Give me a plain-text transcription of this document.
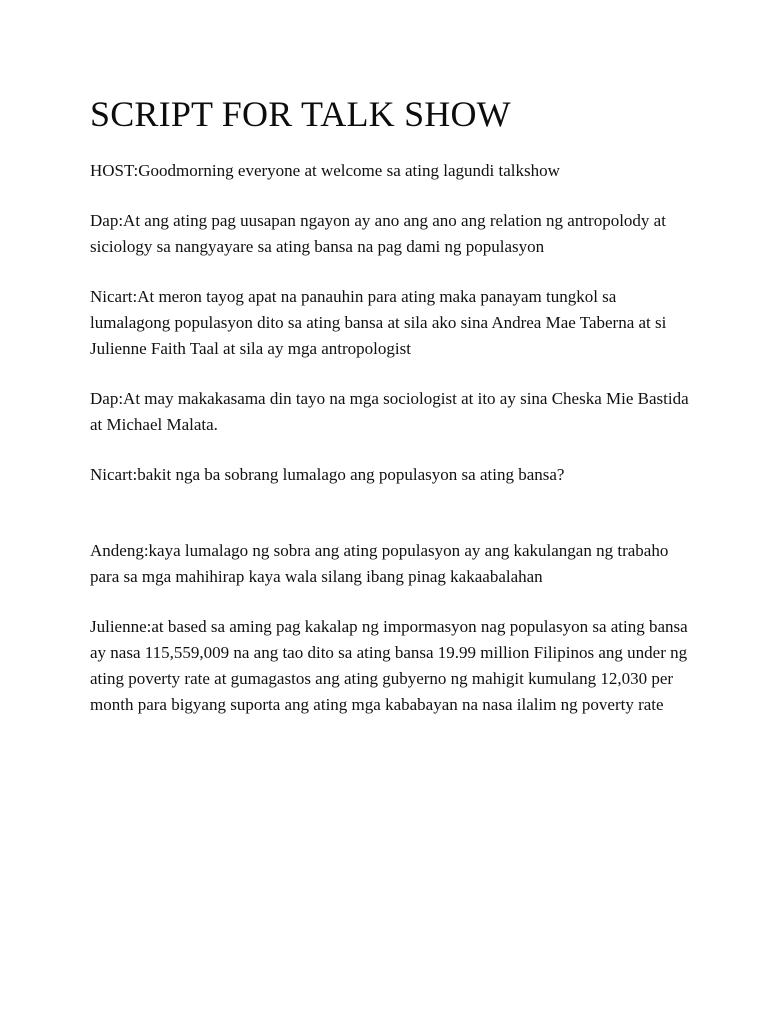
SCRIPT FOR TALK SHOW

HOST:Goodmorning everyone at welcome sa ating lagundi talkshow

Dap:At ang ating pag uusapan ngayon ay ano ang ano ang relation ng antropolody at siciology sa nangyayare sa ating bansa na pag dami ng populasyon

Nicart:At meron tayog apat na panauhin para ating maka panayam tungkol sa lumalagong populasyon dito sa ating bansa at sila ako sina Andrea Mae Taberna at si Julienne Faith Taal at sila ay mga antropologist

Dap:At may makakasama din tayo na mga sociologist at ito ay sina Cheska Mie Bastida at Michael Malata.

Nicart:bakit nga ba sobrang lumalago ang populasyon sa ating bansa?

Andeng:kaya lumalago ng sobra ang ating populasyon ay ang kakulangan ng trabaho para sa mga mahihirap kaya wala silang ibang pinag kakaabalahan

Julienne:at based sa aming pag kakalap ng impormasyon nag populasyon sa ating bansa ay nasa 115,559,009 na ang tao dito sa ating bansa 19.99 million Filipinos ang under ng ating poverty rate at gumagastos ang ating gubyerno ng mahigit kumulang 12,030 per month para bigyang suporta ang ating mga kababayan na nasa ilalim ng poverty rate
